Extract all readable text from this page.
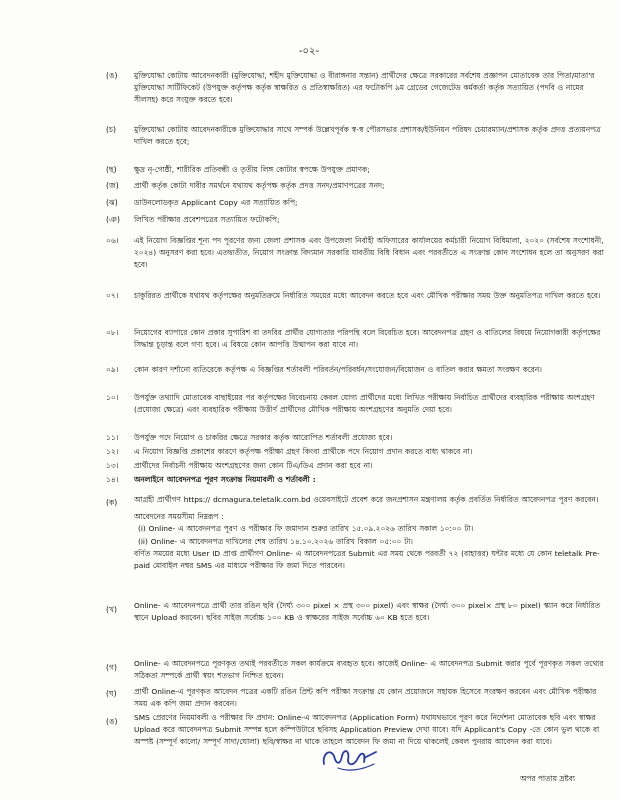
-০২-
(ঙ) মুক্তিযোদ্ধা কোটায় আবেদনকারী (মুক্তিযোদ্ধা, শহীদ মুক্তিযোদ্ধা ও বীরাঙ্গনার সন্তান) প্রার্থীদের ক্ষেত্রে সরকারের সর্বশেষ প্রজ্ঞাপন মোতাবেক তার পিতা/মাতা'র মুক্তিযোদ্ধা সার্টিফিকেট (উপযুক্ত কর্তৃপক্ষ কর্তৃক স্বাক্ষরিত ও প্রতিস্বাক্ষরিত) এর ফটোকপি ৯ম গ্রেডের গেজেটেড কর্মকর্তা কর্তৃক সত্যায়িত (পদবি ও নামের সীলসহ) করে সংযুক্ত করতে হবে।
(চ) মুক্তিযোদ্ধা কোটায় আবেদনকারীকে মুক্তিযোদ্ধার সাথে সম্পর্ক উল্লেখপূর্বক স্ব-স্ব পৌরসভার প্রশাসক/ইউনিয়ন পরিষদ চেয়ারম্যান/প্রশাসক কর্তৃক প্রদত্ত প্রত্যয়নপত্র দাখিল করতে হবে;
(ছ) ক্ষুদ্র নৃ-গোষ্ঠী, শারীরিক প্রতিবন্ধী ও তৃতীয় লিঙ্গ কোটার স্বপক্ষে উপযুক্ত প্রমাণক;
(জ) প্রার্থী কর্তৃক কোটা দাবীর সমর্থনে যথাযথ কর্তৃপক্ষ কর্তৃক প্রদত্ত সনদ/প্রমাণপত্রের সনদ;
(ঝ) ডাউনলোডকৃত Applicant Copy এর সত্যায়িত কপি;
(ঞ) লিখিত পরীক্ষার প্রবেশপত্রের সত্যায়িত ফটোকপি;
০৬। এই নিয়োগ বিজ্ঞপ্তির শূন্য পদ পূরণের জন্য জেলা প্রশাসক এবং উপজেলা নির্বাহী অফিসারের কার্যালয়ের কর্মচারী নিয়োগ বিধিমালা, ২০২০ (সর্বশেষ সংশোধনী, ২০২৪) অনুসরণ করা হবে। এতদ্ব্যতীত, নিয়োগ সংক্রান্ত বিদ্যমান সরকারি যাবতীয় বিধি বিধান এবং পরবর্তীতে এ সংক্রান্ত কোন সংশোধন হলে তা অনুসরণ করা হবে।
০৭। চাকুরিরত প্রার্থীকে যথাযথ কর্তৃপক্ষের অনুমতিক্রমে নির্ধারিত সময়ের মধ্যে আবেদন করতে হবে এবং মৌখিক পরীক্ষার সময় উক্ত অনুমতিপত্র দাখিল করতে হবে।
০৮। নিয়োগের ব্যাপারে কোন প্রকার সুপারিশ বা তদবির প্রার্থীর যোগ্যতার পরিপন্থি বলে বিবেচিত হবে। আবেদনপত্র গ্রহণ ও বাতিলের বিষয়ে নিয়োগকারী কর্তৃপক্ষের সিদ্ধান্ত চূড়ান্ত বলে গণ্য হবে। এ বিষয়ে কোন আপত্তি উত্থাপন করা যাবে না।
০৯। কোন কারণ দর্শানো ব্যতিরেকে কর্তৃপক্ষ এ বিজ্ঞপ্তির শর্তাবলী পরিবর্তন/পরিবর্ধন/সংযোজন/বিয়োজন ও বাতিল করার ক্ষমতা সংরক্ষণ করেন।
১০। উপর্যুক্ত তথ্যাদি মোতাবেক বাছাইয়ের পর কর্তৃপক্ষের বিবেচনায় কেবল যোগ্য প্রার্থীদের মধ্যে লিখিত পরীক্ষায় নির্বাচিত প্রার্থীদের ব্যবহারিক পরীক্ষায় অংশগ্রহণ (প্রযোজ্য ক্ষেত্রে) এবং ব্যবহারিক পরীক্ষায় উত্তীর্ণ প্রার্থীদের মৌখিক পরীক্ষায় অংশগ্রহণের অনুমতি দেয়া হবে।
১১। উপর্যুক্ত পদে নিয়োগ ও চাকরির ক্ষেত্রে সরকার কর্তৃক আরোপিত শর্তাবলী প্রযোজ্য হবে।
১২। এ নিয়োগ বিজ্ঞপ্তি প্রকাশের কারণে কর্তৃপক্ষ পরীক্ষা গ্রহণ কিংবা প্রার্থীকে পদে নিয়োগ প্রদান করতে বাধ্য থাকবে না।
১৩। প্রার্থীদের নির্বাচনী পরীক্ষায় অংশগ্রহণের জন্য কোন টিএ/ডিএ প্রদান করা হবে না।
১৪। অনলাইনে আবেদনপত্র পূরণ সংক্রান্ত নিয়মাবলী ও শর্তাবলী :
(ক) আগ্রহী প্রার্থীগণ https:// dcmagura.teletalk.com.bd ওয়েবসাইটে প্রবেশ করে জনপ্রশাসন মন্ত্রণালয় কর্তৃক প্রবর্তিত নির্ধারিত আবেদনপত্র পূরণ করবেন।

আবেদনের সময়সীমা নিম্নরূপ :

(i) Online- এ আবেদনপত্র পূরণ ও পরীক্ষার ফি জমাদান শুরুর তারিখ ১৫.০৯.২০২৬ তারিখ সকাল ১০:০০ টা।

(ii) Online- এ আবেদনপত্র দাখিলের শেষ তারিখ ১৪.১০.২০২৬ তারিখ বিকাল ০৫:০০ টা।

বর্ণিত সময়ের মধ্যে User ID প্রাপ্ত প্রার্থীগণ Online- এ আবেদনপত্রের Submit এর সময় থেকে পরবর্তী ৭২ (বাহাত্তর) ঘন্টার মধ্যে যে কোন teletalk Pre-paid মোবাইল নম্বর SMS এর মাধ্যমে পরীক্ষার ফি জমা দিতে পারবেন।

(খ) Online- এ আবেদনপত্রে প্রার্থী তার রঙিন ছবি (দৈর্ঘ্য ৩০০ pixel × প্রস্থ ৩০০ pixel) এবং স্বাক্ষর (দৈর্ঘ্য ৩০০ pixel× প্রস্থ ৮০ pixel) স্ক্যান করে নির্ধারিত স্থানে Upload করবেন। ছবির সাইজ সর্বোচ্চ ১০০ KB ও স্বাক্ষরের সাইজ সর্বোচ্চ ৬০ KB হতে হবে।
(গ) Online- এ আবেদনপত্রে পূরণকৃত তথ্যই পরবর্তীতে সকল কার্যক্রমে ব্যবহৃত হবে। কাজেই Online- এ আবেদনপত্র Submit করার পূর্বে পূরণকৃত সকল তথ্যের সঠিকতা সম্পর্কে প্রার্থী স্বয়ং শতভাগ নিশ্চিত হবেন।
(ঘ) প্রার্থী Online-এ পূরণকৃত আবেদন পত্রের একটি রঙিন প্রিন্ট কপি পরীক্ষা সংক্রান্ত যে কোন প্রয়োজনে সহায়ক হিসেবে সংরক্ষণ করবেন এবং মৌখিক পরীক্ষার সময় এক কপি জমা প্রদান করবেন।
(ঙ) SMS প্রেরণের নিয়মাবলী ও পরীক্ষার ফি প্রদান: Online-এ আবেদনপত্র (Application Form) যথাযথভাবে পূরণ করে নির্দেশনা মোতাবেক ছবি এবং স্বাক্ষর Upload করে আবেদনপত্র Submit সম্পন্ন হলে কম্পিউটারে ছবিসহ Application Preview দেখা যাবে। যদি Applicant's Copy -তে কোন ভুল থাকে বা অস্পষ্ট (সম্পূর্ণ কালো/ সম্পূর্ণ সাদা/ঘোলা) ছবি/স্বাক্ষর না থাকে তাহলে আবেদন ফি জমা না দিয়ে থাকলেই কেবল পুনরায় আবেদন করা যাবে।
অপর পাতায় দ্রষ্টব্য
